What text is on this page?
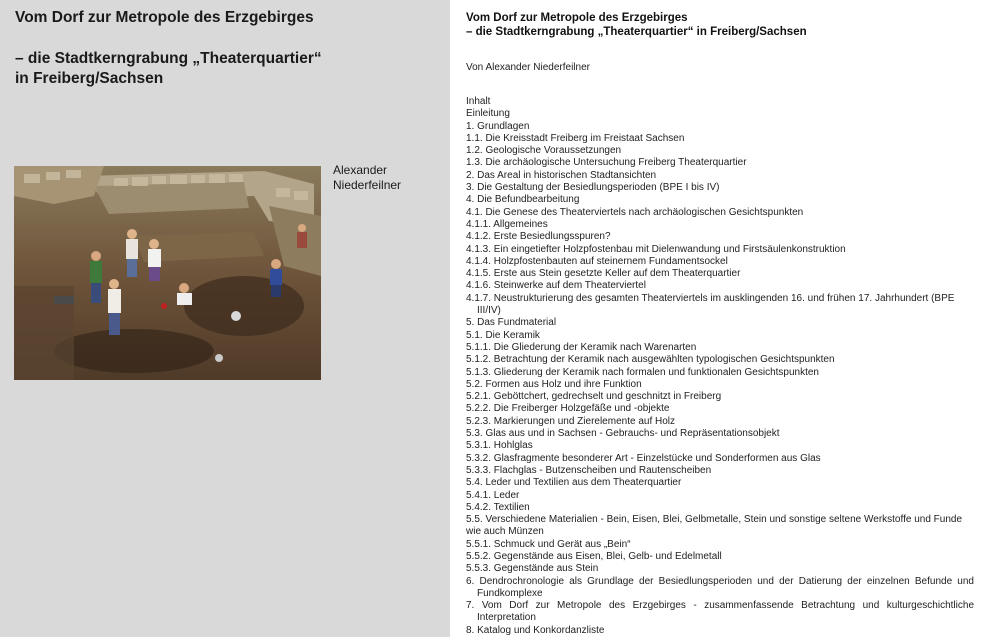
Vom Dorf zur Metropole des Erzgebirges
– die Stadtkerngrabung „Theaterquartier“
in Freiberg/Sachsen
Alexander
Niederfeilner
Vom Dorf zur Metropole des Erzgebirges
– die Stadtkerngrabung „Theaterquartier“ in Freiberg/Sachsen
Von Alexander Niederfeilner
Inhalt
Einleitung
1. Grundlagen
1.1. Die Kreisstadt Freiberg im Freistaat Sachsen
1.2. Geologische Voraussetzungen
1.3. Die archäologische Untersuchung Freiberg Theaterquartier
2. Das Areal in historischen Stadtansichten
3. Die Gestaltung der Besiedlungsperioden (BPE I bis IV)
4. Die Befundbearbeitung
4.1. Die Genese des Theaterviertels nach archäologischen Gesichtspunkten
4.1.1. Allgemeines
4.1.2. Erste Besiedlungsspuren?
4.1.3. Ein eingetiefter Holzpfostenbau mit Dielenwandung und Firstsäulenkonstruktion
4.1.4. Holzpfostenbauten auf steinernem Fundamentsockel
4.1.5. Erste aus Stein gesetzte Keller auf dem Theaterquartier
4.1.6. Steinwerke auf dem Theaterviertel
4.1.7. Neustrukturierung des gesamten Theaterviertels im ausklingenden 16. und frühen 17. Jahrhundert (BPE III/IV)
5. Das Fundmaterial
5.1. Die Keramik
5.1.1. Die Gliederung der Keramik nach Warenarten
5.1.2. Betrachtung der Keramik nach ausgewählten typologischen Gesichtspunkten
5.1.3. Gliederung der Keramik nach formalen und funktionalen Gesichtspunkten
5.2. Formen aus Holz und ihre Funktion
5.2.1. Geböttchert, gedrechselt und geschnitzt in Freiberg
5.2.2. Die Freiberger Holzgefäße und -objekte
5.2.3. Markierungen und Zierelemente auf Holz
5.3. Glas aus und in Sachsen - Gebrauchs- und Repräsentationsobjekt
5.3.1. Hohlglas
5.3.2. Glasfragmente besonderer Art - Einzelstücke und Sonderformen aus Glas
5.3.3. Flachglas - Butzenscheiben und Rautenscheiben
5.4. Leder und Textilien aus dem Theaterquartier
5.4.1. Leder
5.4.2. Textilien
5.5. Verschiedene Materialien - Bein, Eisen, Blei, Gelbmetalle, Stein und sonstige seltene Werkstoffe und Funde wie auch Münzen
5.5.1. Schmuck und Gerät aus „Bein“
5.5.2. Gegenstände aus Eisen, Blei, Gelb- und Edelmetall
5.5.3. Gegenstände aus Stein
6. Dendrochronologie als Grundlage der Besiedlungsperioden und der Datierung der einzelnen Befunde und Fundkomplexe
7. Vom Dorf zur Metropole des Erzgebirges - zusammenfassende Betrachtung und kulturgeschichtliche Interpretation
8. Katalog und Konkordanzliste
